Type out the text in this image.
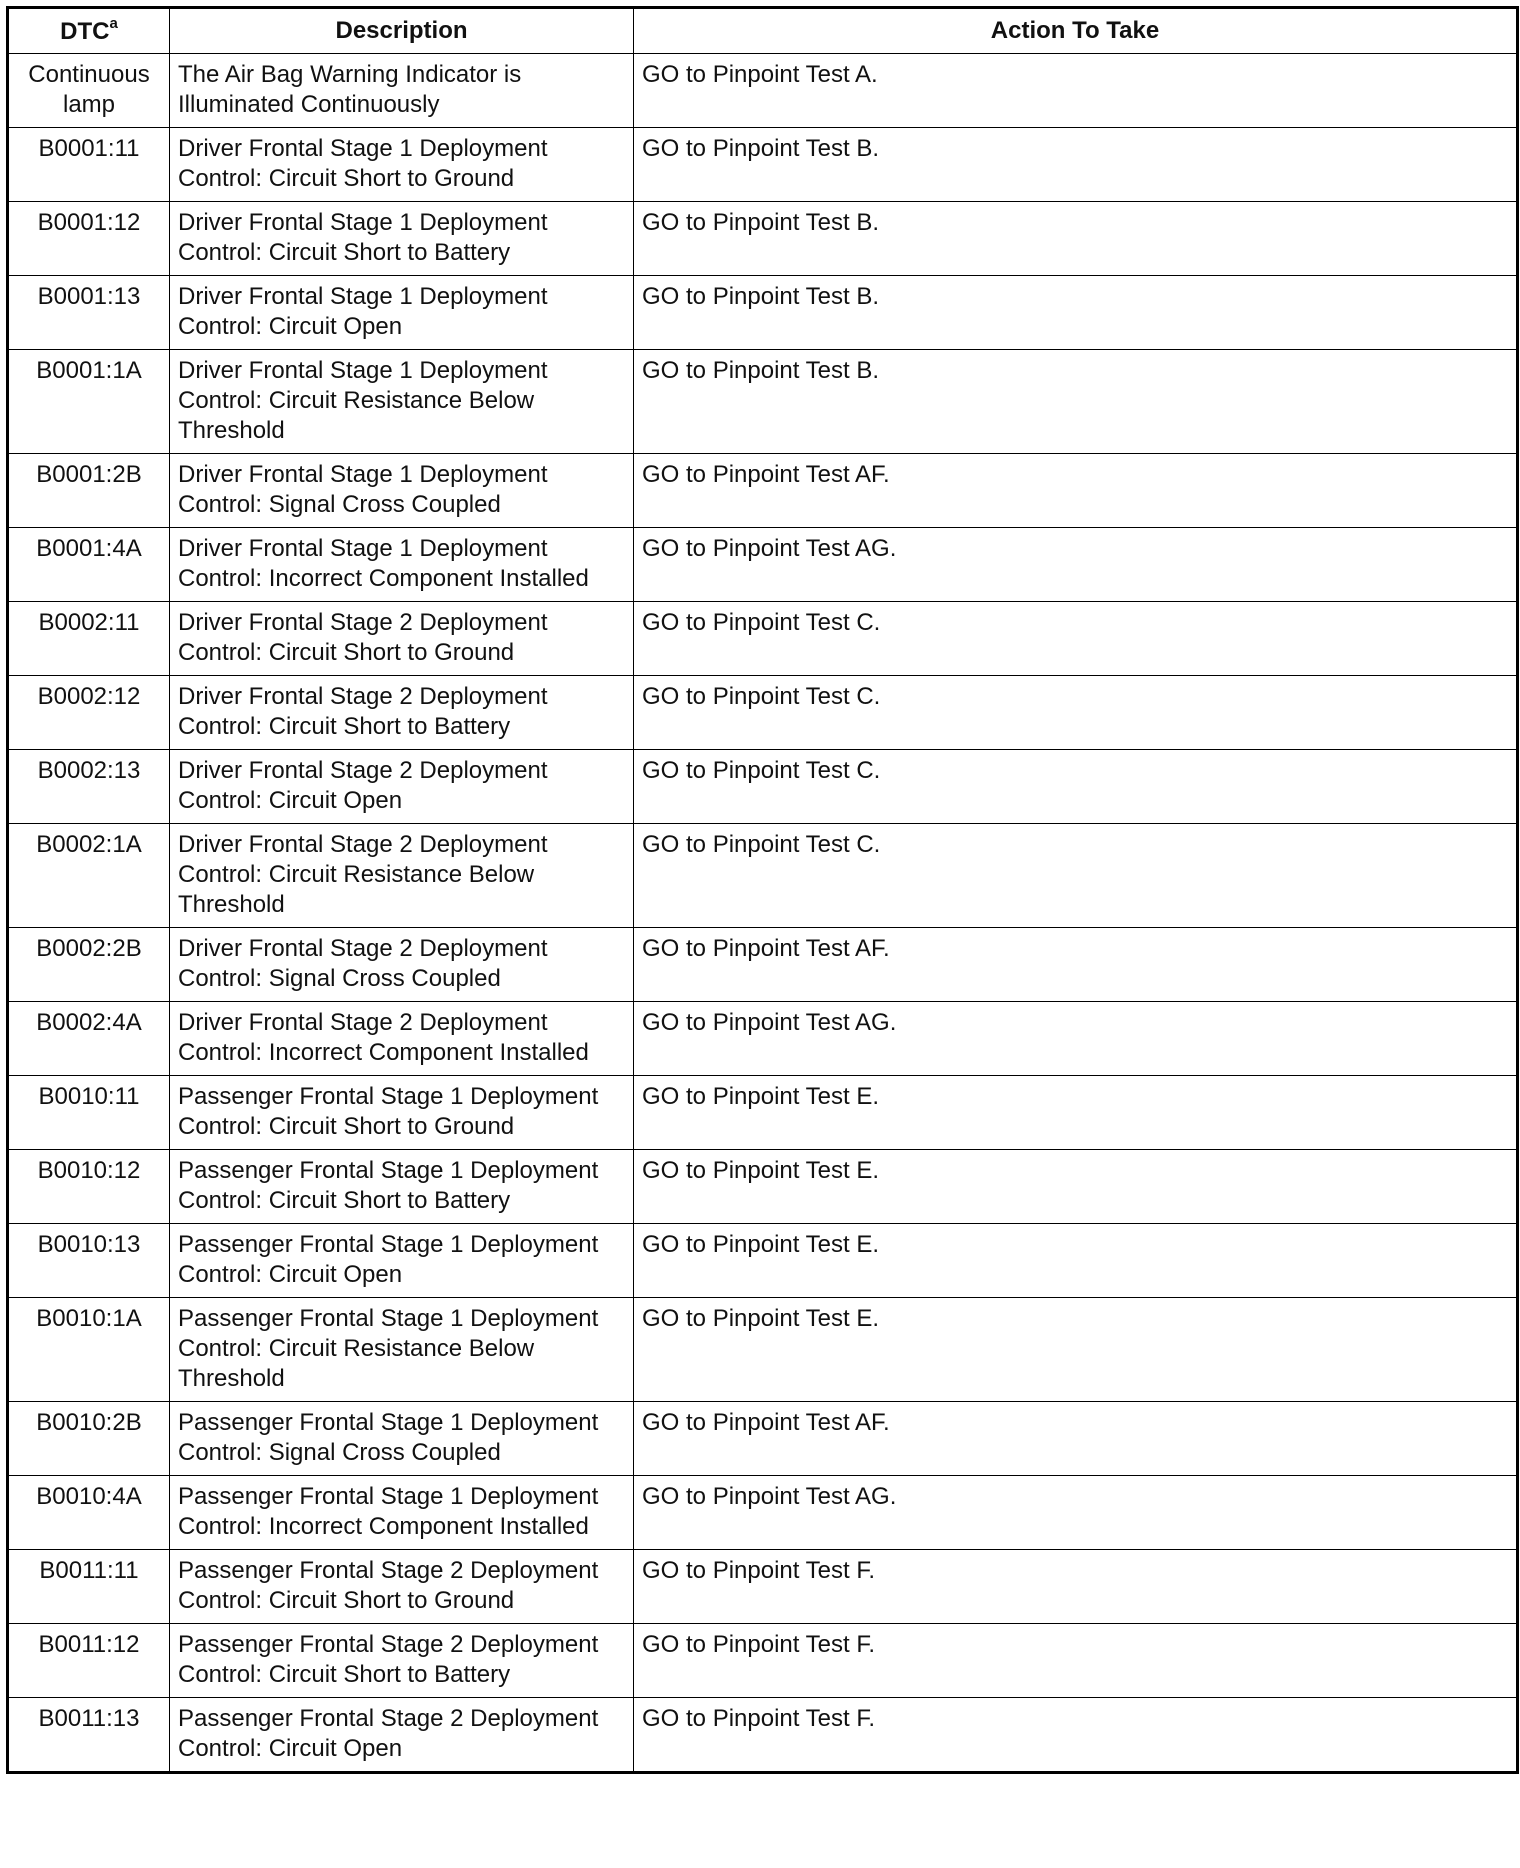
DTC$^a$	Description	Action To Take
Continuous lamp	The Air Bag Warning Indicator is Illuminated Continuously	GO to Pinpoint Test A.
B0001:11	Driver Frontal Stage 1 Deployment Control: Circuit Short to Ground	GO to Pinpoint Test B.
B0001:12	Driver Frontal Stage 1 Deployment Control: Circuit Short to Battery	GO to Pinpoint Test B.
B0001:13	Driver Frontal Stage 1 Deployment Control: Circuit Open	GO to Pinpoint Test B.
B0001:1A	Driver Frontal Stage 1 Deployment Control: Circuit Resistance Below Threshold	GO to Pinpoint Test B.
B0001:2B	Driver Frontal Stage 1 Deployment Control: Signal Cross Coupled	GO to Pinpoint Test AF.
B0001:4A	Driver Frontal Stage 1 Deployment Control: Incorrect Component Installed	GO to Pinpoint Test AG.
B0002:11	Driver Frontal Stage 2 Deployment Control: Circuit Short to Ground	GO to Pinpoint Test C.
B0002:12	Driver Frontal Stage 2 Deployment Control: Circuit Short to Battery	GO to Pinpoint Test C.
B0002:13	Driver Frontal Stage 2 Deployment Control: Circuit Open	GO to Pinpoint Test C.
B0002:1A	Driver Frontal Stage 2 Deployment Control: Circuit Resistance Below Threshold	GO to Pinpoint Test C.
B0002:2B	Driver Frontal Stage 2 Deployment Control: Signal Cross Coupled	GO to Pinpoint Test AF.
B0002:4A	Driver Frontal Stage 2 Deployment Control: Incorrect Component Installed	GO to Pinpoint Test AG.
B0010:11	Passenger Frontal Stage 1 Deployment Control: Circuit Short to Ground	GO to Pinpoint Test E.
B0010:12	Passenger Frontal Stage 1 Deployment Control: Circuit Short to Battery	GO to Pinpoint Test E.
B0010:13	Passenger Frontal Stage 1 Deployment Control: Circuit Open	GO to Pinpoint Test E.
B0010:1A	Passenger Frontal Stage 1 Deployment Control: Circuit Resistance Below Threshold	GO to Pinpoint Test E.
B0010:2B	Passenger Frontal Stage 1 Deployment Control: Signal Cross Coupled	GO to Pinpoint Test AF.
B0010:4A	Passenger Frontal Stage 1 Deployment Control: Incorrect Component Installed	GO to Pinpoint Test AG.
B0011:11	Passenger Frontal Stage 2 Deployment Control: Circuit Short to Ground	GO to Pinpoint Test F.
B0011:12	Passenger Frontal Stage 2 Deployment Control: Circuit Short to Battery	GO to Pinpoint Test F.
B0011:13	Passenger Frontal Stage 2 Deployment Control: Circuit Open	GO to Pinpoint Test F.
